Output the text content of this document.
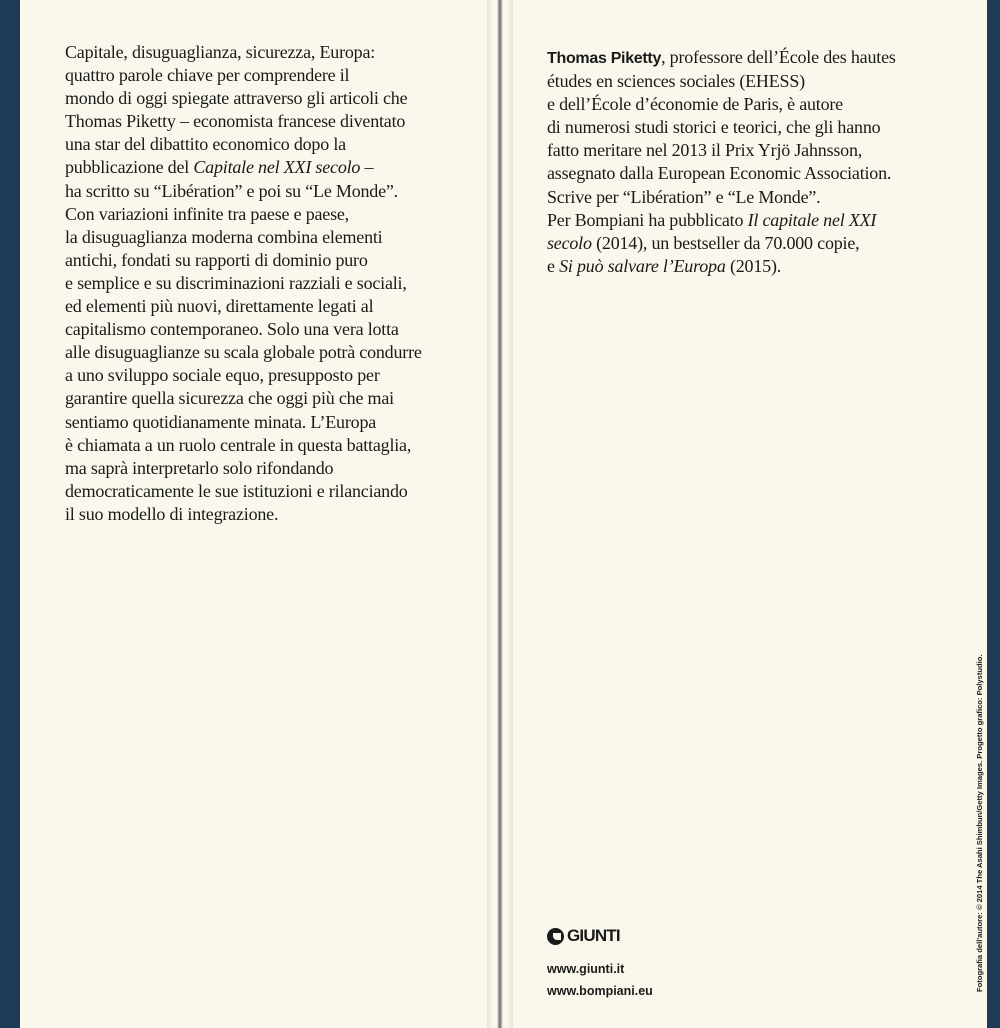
Capitale, disuguaglianza, sicurezza, Europa:
quattro parole chiave per comprendere il
mondo di oggi spiegate attraverso gli articoli che
Thomas Piketty – economista francese diventato
una star del dibattito economico dopo la
pubblicazione del Capitale nel XXI secolo –
ha scritto su “Libération” e poi su “Le Monde”.
Con variazioni infinite tra paese e paese,
la disuguaglianza moderna combina elementi
antichi, fondati su rapporti di dominio puro
e semplice e su discriminazioni razziali e sociali,
ed elementi più nuovi, direttamente legati al
capitalismo contemporaneo. Solo una vera lotta
alle disuguaglianze su scala globale potrà condurre
a uno sviluppo sociale equo, presupposto per
garantire quella sicurezza che oggi più che mai
sentiamo quotidianamente minata. L’Europa
è chiamata a un ruolo centrale in questa battaglia,
ma saprà interpretarlo solo rifondando
democraticamente le sue istituzioni e rilanciando
il suo modello di integrazione.
Thomas Piketty, professore dell’École des hautes
études en sciences sociales (EHESS)
e dell’École d’économie de Paris, è autore
di numerosi studi storici e teorici, che gli hanno
fatto meritare nel 2013 il Prix Yrjö Jahnsson,
assegnato dalla European Economic Association.
Scrive per “Libération” e “Le Monde”.
Per Bompiani ha pubblicato Il capitale nel XXI
secolo (2014), un bestseller da 70.000 copie,
e Si può salvare l’Europa (2015).
GIUNTI
www.giunti.it
www.bompiani.eu	Fotografia dell'autore: © 2014 The Asahi Shimbun/Getty Images. Progetto grafico: Polystudio.
